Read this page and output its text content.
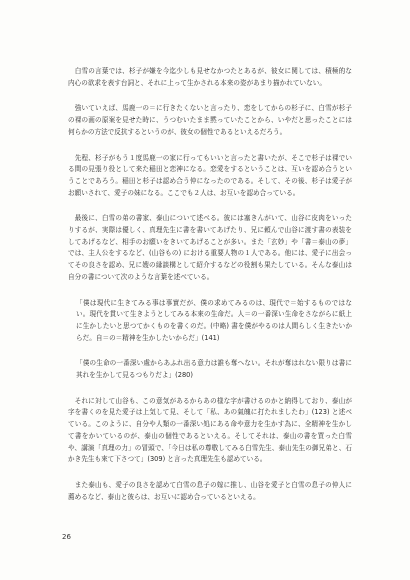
　白雪の言葉では、杉子が嫌を今迄少しも見せなかつたとあるが、彼女に関しては、積極的な内心の欲求を表す台詞と、それに上って生かされる本来の姿があまり描かれていない。

　強いていえば、馬鹿一の＝に行きたくないと言ったり、恋をしてからの杉子に、白雪が杉子の裸の画の原案を見せた時に、うつむいたまま黙っていたことから、いやだと思ったことには何らかの方法で反抗するというのが、彼女の個性であるといえるだろう。

　先程、杉子がもう１度馬鹿一の家に行ってもいいと言ったと書いたが、そこで杉子は裸でいる間の見張り役として来た稲田と恋神になる。恋愛をするということは、互いを認め合うということであろう。稲田と杉子は認め合う仲になったのである。そして、その後、杉子は愛子がお願いされて、愛子の妹になる。ここでも２人は、お互いを認め合っている。

　最後に、白雪の弟の書家、泰山について述べる。彼には塞きんがいて、山谷に皮肉をいったりするが、実際は優しく、真理先生に書を書いてあげたり、兄に頼んで山谷に渡す書の表装をしてあげるなど、相手のお願いをきいてあげることが多い。また「玄妙」や「書＝泰山の夢」では、主人公をするなど、(山谷もの) における重要人物の１人である。他には、愛子に出会ってその良さを認め、兄に嫂の縁談構として紹介するなどの役割も果たしている。そんな泰山は自分の書について次のような言葉を述べている。

「僕は現代に生きてみる事は事實だが、僕の求めてみるのは、現代で＝始するものではない。現代を貫いて生きようとしてみる本來の生命だ。人＝の一番深い生命をさながらに紙上に生かしたいと思つてかくものを書くのだ。(中略) 書を僕がやるのは人間らしく生きたいからだ。自＝の＝精神を生かしたいからだ」(141)

「僕の生命の一番深い處からあふれ出る意力は誰も奪へない。それが奪はれない限りは書に其れを生かして見るつもりだよ」(280)

　それに対して山谷も、この意気があるからあの様な字が書けるのかと納得しており、泰山が字を書くのを見た愛子は上気して見、そして「私、あの氣魄に打たれましたわ」(123) と述べている。このように、自分や人類の一番深い処にある命や意力を生かす為に、全精神を生かして書をかいているのが、泰山の個性であるといえる。そしてそれは、泰山の書を買った白雪や、講演「真理の力」の冒頭で、「今日は私の尊敬してみる白雪先生、泰山先生の御兄弟と、石かき先生も來て下さつて」(309) と言った真理先生も認めている。

　また泰山も、愛子の良さを認めて白雪の息子の嫁に推し、山谷を愛子と白雪の息子の仲人に薦めるなど、泰山と彼らは、お互いに認め合っているといえる。

26
